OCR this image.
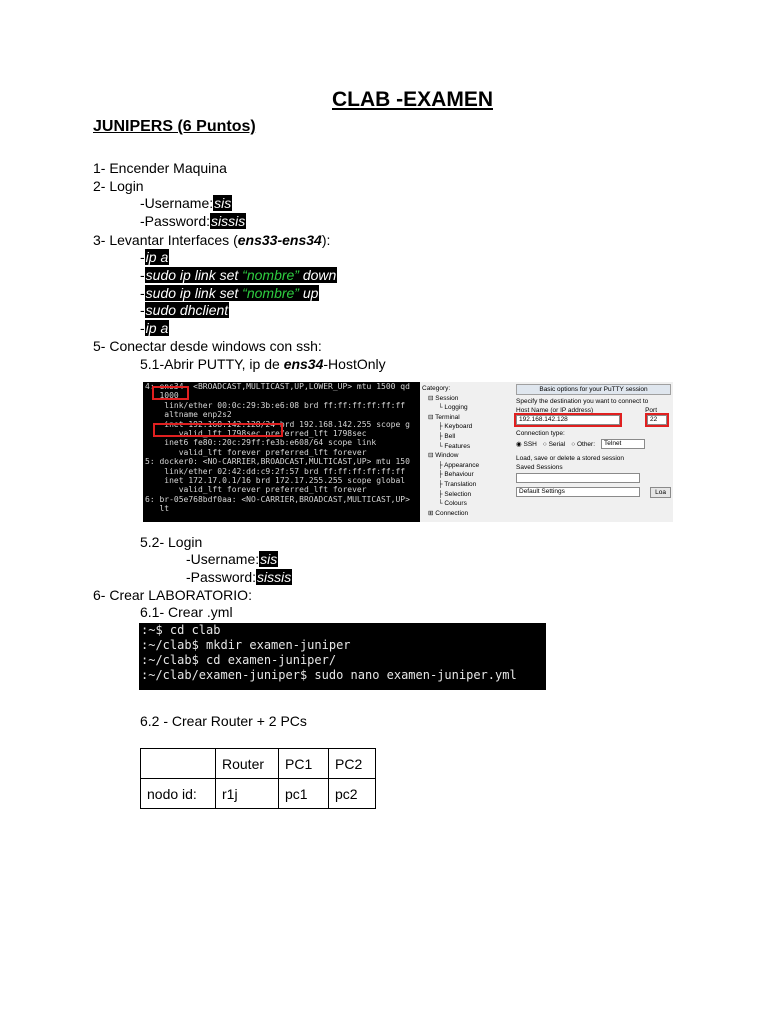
CLAB -EXAMEN
JUNIPERS (6 Puntos)
1- Encender Maquina
2- Login
-Username:sis
-Password:sissis
3- Levantar Interfaces (ens33-ens34):
-ip a
-sudo ip link set “nombre” down
-sudo ip link set “nombre” up
-sudo dhclient
-ip a
5- Conectar desde windows con ssh:
5.1-Abrir PUTTY, ip de ens34-HostOnly
4: ens34  <BROADCAST,MULTICAST,UP,LOWER_UP> mtu 1500 qd
1000
link/ether 00:0c:29:3b:e6:08 brd ff:ff:ff:ff:ff:ff
altname enp2s2
inet 192.168.142.128/24 brd 192.168.142.255 scope g
valid_lft 1798sec preferred_lft 1798sec
inet6 fe80::20c:29ff:fe3b:e608/64 scope link
valid_lft forever preferred_lft forever
5: docker0: <NO-CARRIER,BROADCAST,MULTICAST,UP> mtu 150
link/ether 02:42:dd:c9:2f:57 brd ff:ff:ff:ff:ff:ff
inet 172.17.0.1/16 brd 172.17.255.255 scope global
valid_lft forever preferred_lft forever
6: br-05e768bdf0aa: <NO-CARRIER,BROADCAST,MULTICAST,UP>
lt
Category:
⊟ Session
└ Logging
⊟ Terminal
├ Keyboard
├ Bell
└ Features
⊟ Window
├ Appearance
├ Behaviour
├ Translation
├ Selection
└ Colours
⊞ Connection
Basic options for your PuTTY session
Specify the destination you want to connect to
Host Name (or IP address)	Port
192.168.142.128	22
Connection type:
◉ SSH ○ Serial ○ Other:	Telnet
Load, save or delete a stored session
Saved Sessions
Default Settings	Loa
5.2- Login
-Username:sis
-Password:sissis
6- Crear LABORATORIO:
6.1- Crear .yml
:~$ cd clab
:~/clab$ mkdir examen-juniper
:~/clab$ cd examen-juniper/
:~/clab/examen-juniper$ sudo nano examen-juniper.yml
6.2 - Crear Router + 2 PCs
	Router	PC1	PC2
nodo id:	r1j	pc1	pc2
